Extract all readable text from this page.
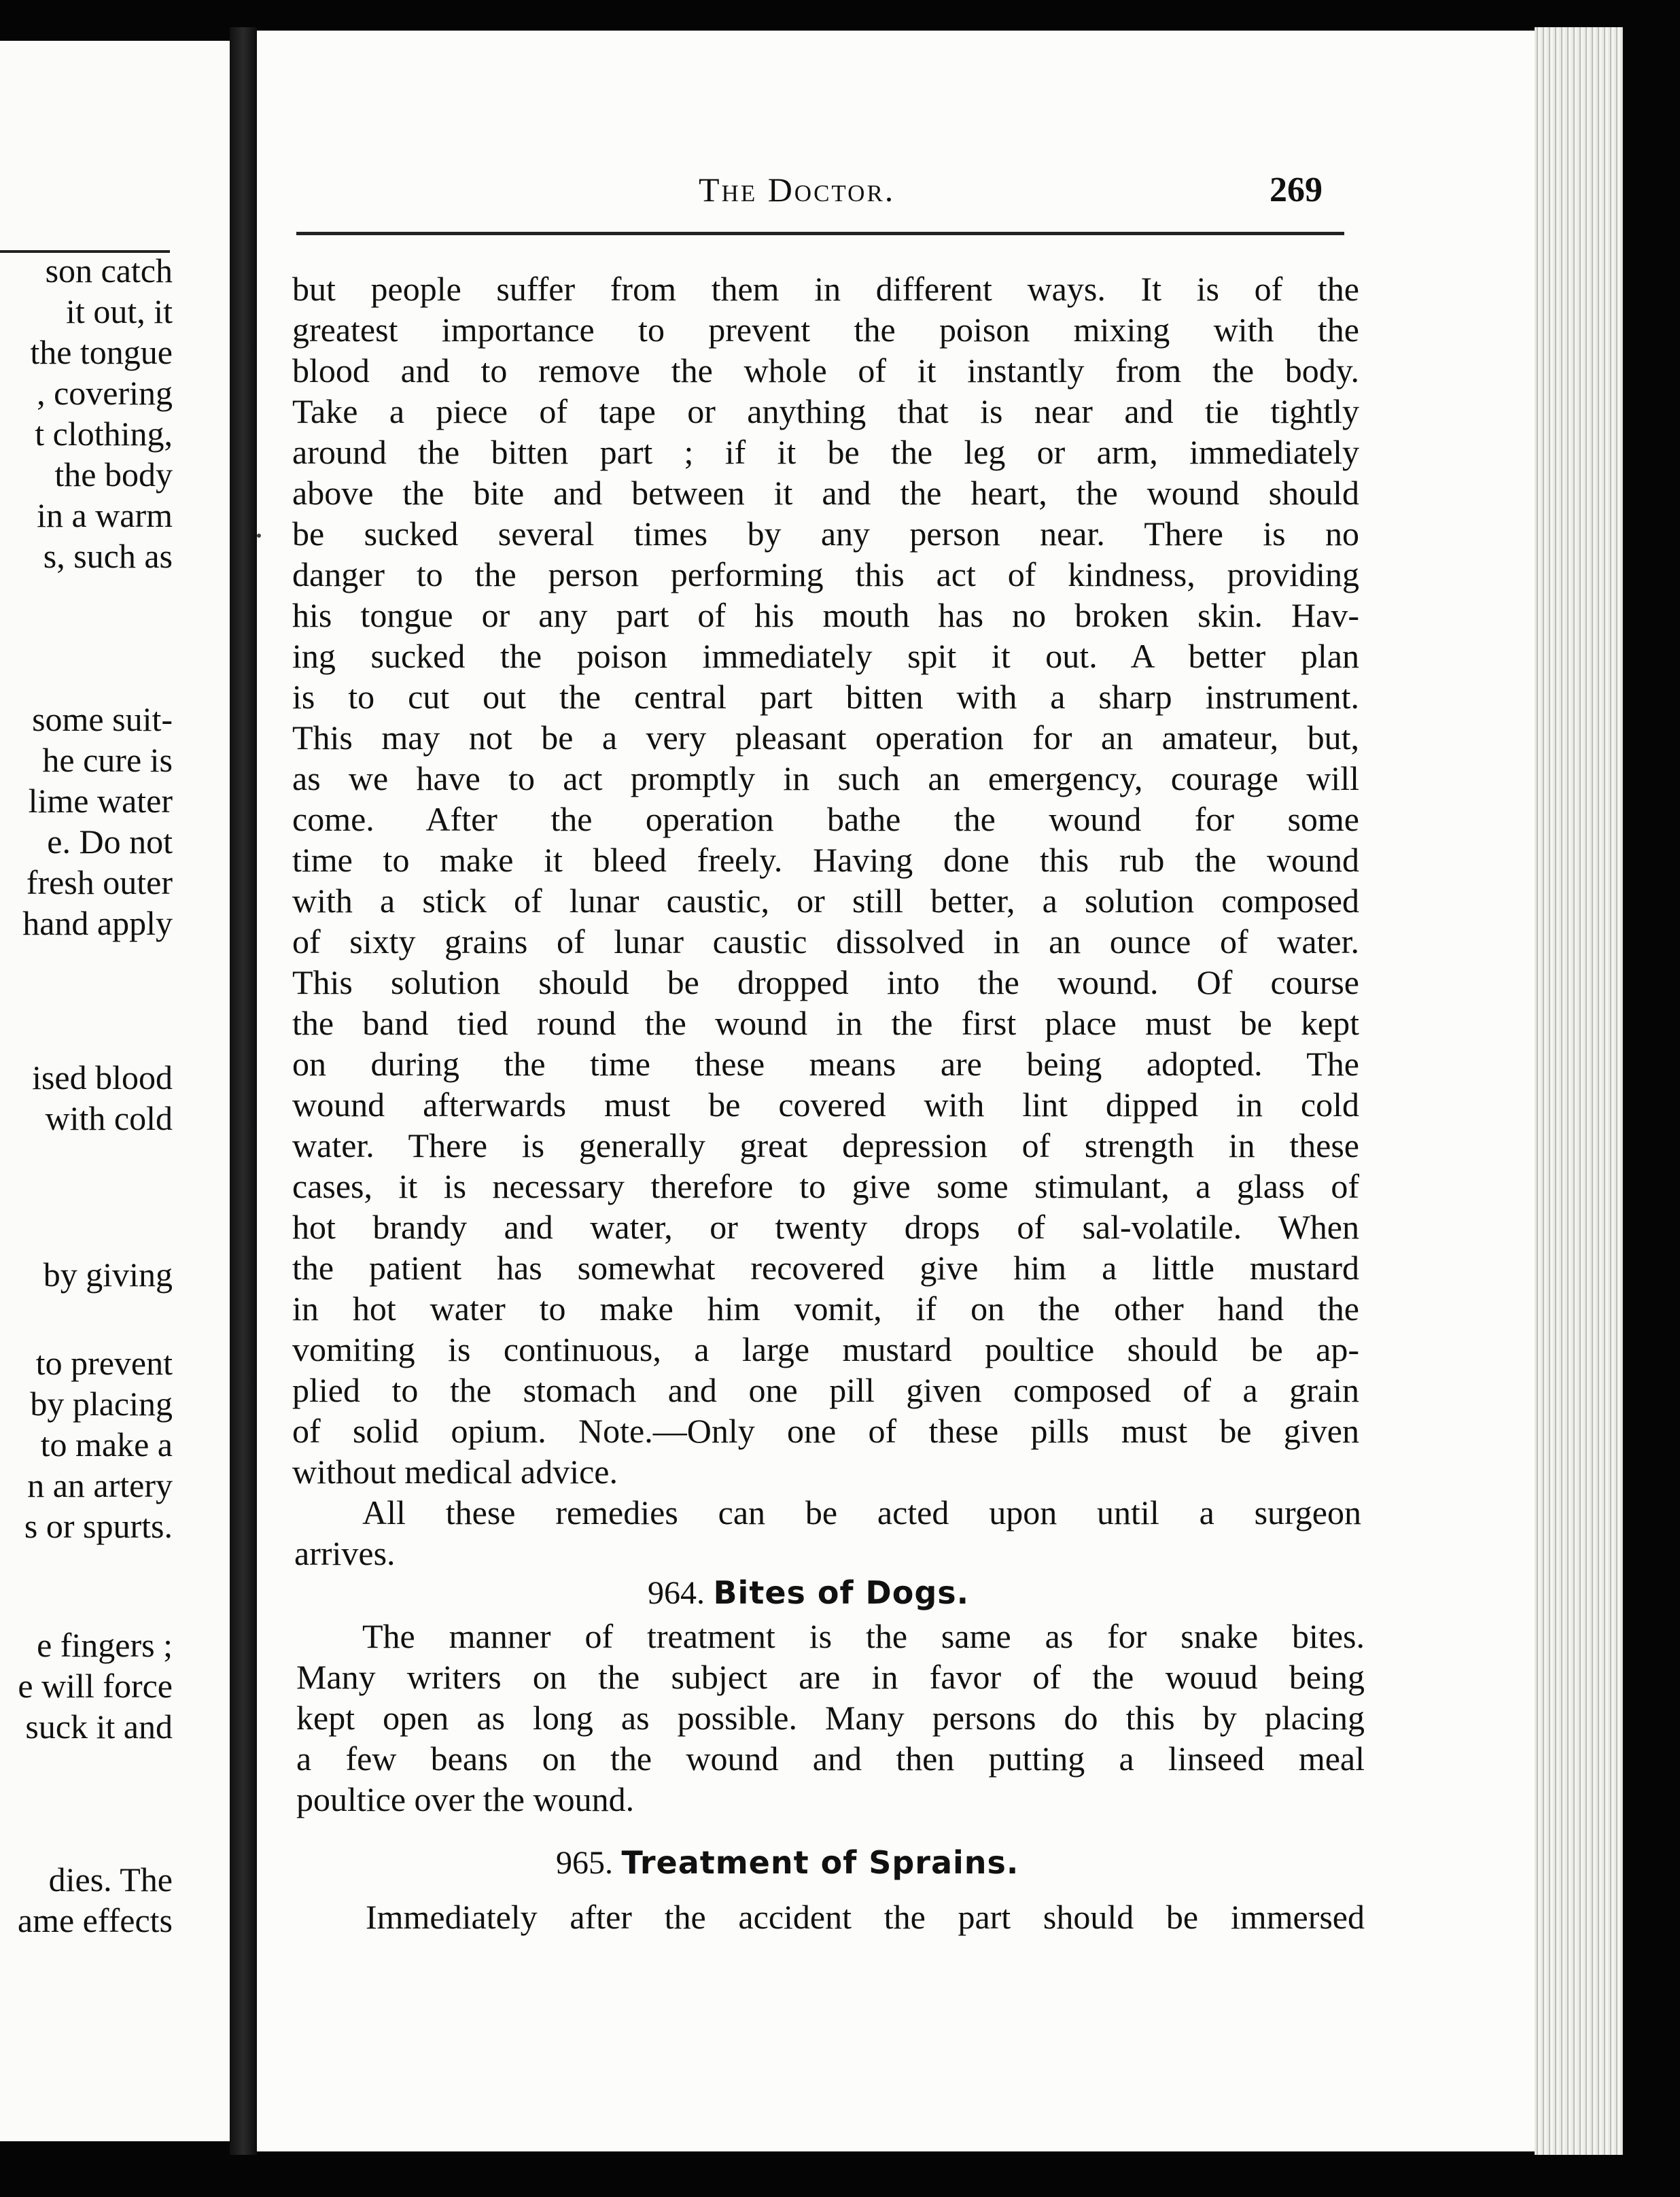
son catch
it out, it
the tongue
, covering
t clothing,
the body
in a warm
s, such as
some suit-
he cure is
lime water
e. Do not
fresh outer
hand apply
ised blood
with cold
by giving
to prevent
by placing
to make a
n an artery
s or spurts.
e fingers ;
e will force
suck it and
dies. The
ame effects
The Doctor.	269
but people suffer from them in different ways. It is of the
greatest importance to prevent the poison mixing with the
blood and to remove the whole of it instantly from the body.
Take a piece of tape or anything that is near and tie tightly
around the bitten part ; if it be the leg or arm, immediately
above the bite and between it and the heart, the wound should
be sucked several times by any person near. There is no
danger to the person performing this act of kindness, providing
his tongue or any part of his mouth has no broken skin. Hav-
ing sucked the poison immediately spit it out. A better plan
is to cut out the central part bitten with a sharp instrument.
This may not be a very pleasant operation for an amateur, but,
as we have to act promptly in such an emergency, courage will
come. After the operation bathe the wound for some
time to make it bleed freely. Having done this rub the wound
with a stick of lunar caustic, or still better, a solution composed
of sixty grains of lunar caustic dissolved in an ounce of water.
This solution should be dropped into the wound. Of course
the band tied round the wound in the first place must be kept
on during the time these means are being adopted. The
wound afterwards must be covered with lint dipped in cold
water. There is generally great depression of strength in these
cases, it is necessary therefore to give some stimulant, a glass of
hot brandy and water, or twenty drops of sal-volatile. When
the patient has somewhat recovered give him a little mustard
in hot water to make him vomit, if on the other hand the
vomiting is continuous, a large mustard poultice should be ap-
plied to the stomach and one pill given composed of a grain
of solid opium. Note.—Only one of these pills must be given
without medical advice.
All these remedies can be acted upon until a surgeon
arrives.
964. Bites of Dogs.
The manner of treatment is the same as for snake bites.
Many writers on the subject are in favor of the wouud being
kept open as long as possible. Many persons do this by placing
a few beans on the wound and then putting a linseed meal
poultice over the wound.
965. Treatment of Sprains.
Immediately after the accident the part should be immersed
